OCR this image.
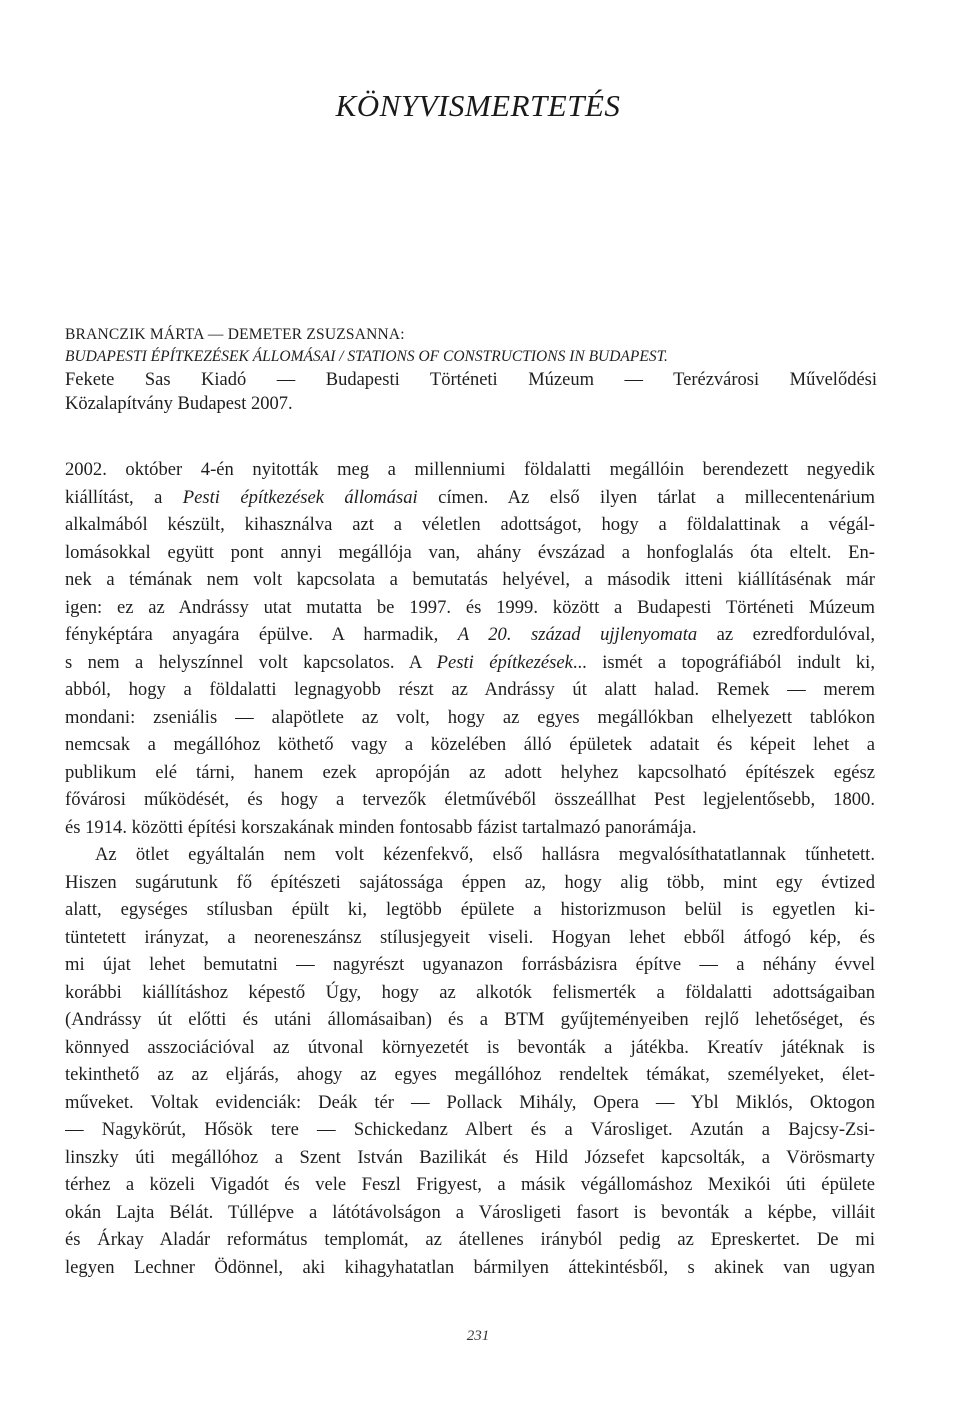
KÖNYVISMERTETÉS
BRANCZIK MÁRTA — DEMETER ZSUZSANNA:
BUDAPESTI ÉPÍTKEZÉSEK ÁLLOMÁSAI / STATIONS OF CONSTRUCTIONS IN BUDAPEST.
Fekete Sas Kiadó — Budapesti Történeti Múzeum — Terézvárosi Művelődési
Közalapítvány Budapest 2007.
2002. október 4-én nyitották meg a millenniumi földalatti megállóin berendezett negyedik
kiállítást, a Pesti építkezések állomásai címen. Az első ilyen tárlat a millecentenárium
alkalmából készült, kihasználva azt a véletlen adottságot, hogy a földalattinak a végál-
lomásokkal együtt pont annyi megállója van, ahány évszázad a honfoglalás óta eltelt. En-
nek a témának nem volt kapcsolata a bemutatás helyével, a második itteni kiállításénak már
igen: ez az Andrássy utat mutatta be 1997. és 1999. között a Budapesti Történeti Múzeum
fényképtára anyagára épülve. A harmadik, A 20. század ujjlenyomata az ezredfordulóval,
s nem a helyszínnel volt kapcsolatos. A Pesti építkezések... ismét a topográfiából indult ki,
abból, hogy a földalatti legnagyobb részt az Andrássy út alatt halad. Remek — merem
mondani: zseniális — alapötlete az volt, hogy az egyes megállókban elhelyezett tablókon
nemcsak a megállóhoz köthető vagy a közelében álló épületek adatait és képeit lehet a
publikum elé tárni, hanem ezek apropóján az adott helyhez kapcsolható építészek egész
fővárosi működését, és hogy a tervezők életművéből összeállhat Pest legjelentősebb, 1800.
és 1914. közötti építési korszakának minden fontosabb fázist tartalmazó panorámája.
Az ötlet egyáltalán nem volt kézenfekvő, első hallásra megvalósíthatatlannak tűnhetett.
Hiszen sugárutunk fő építészeti sajátossága éppen az, hogy alig több, mint egy évtized
alatt, egységes stílusban épült ki, legtöbb épülete a historizmuson belül is egyetlen ki-
tüntetett irányzat, a neoreneszánsz stílusjegyeit viseli. Hogyan lehet ebből átfogó kép, és
mi újat lehet bemutatni — nagyrészt ugyanazon forrásbázisra építve — a néhány évvel
korábbi kiállításhoz képestő Úgy, hogy az alkotók felismerték a földalatti adottságaiban
(Andrássy út előtti és utáni állomásaiban) és a BTM gyűjteményeiben rejlő lehetőséget, és
könnyed asszociációval az útvonal környezetét is bevonták a játékba. Kreatív játéknak is
tekinthető az az eljárás, ahogy az egyes megállóhoz rendeltek témákat, személyeket, élet-
műveket. Voltak evidenciák: Deák tér — Pollack Mihály, Opera — Ybl Miklós, Oktogon
— Nagykörút, Hősök tere — Schickedanz Albert és a Városliget. Azután a Bajcsy-Zsi-
linszky úti megállóhoz a Szent István Bazilikát és Hild Józsefet kapcsolták, a Vörösmarty
térhez a közeli Vigadót és vele Feszl Frigyest, a másik végállomáshoz Mexikói úti épülete
okán Lajta Bélát. Túllépve a látótávolságon a Városligeti fasort is bevonták a képbe, villáit
és Árkay Aladár református templomát, az átellenes irányból pedig az Epreskertet. De mi
legyen Lechner Ödönnel, aki kihagyhatatlan bármilyen áttekintésből, s akinek van ugyan
231
